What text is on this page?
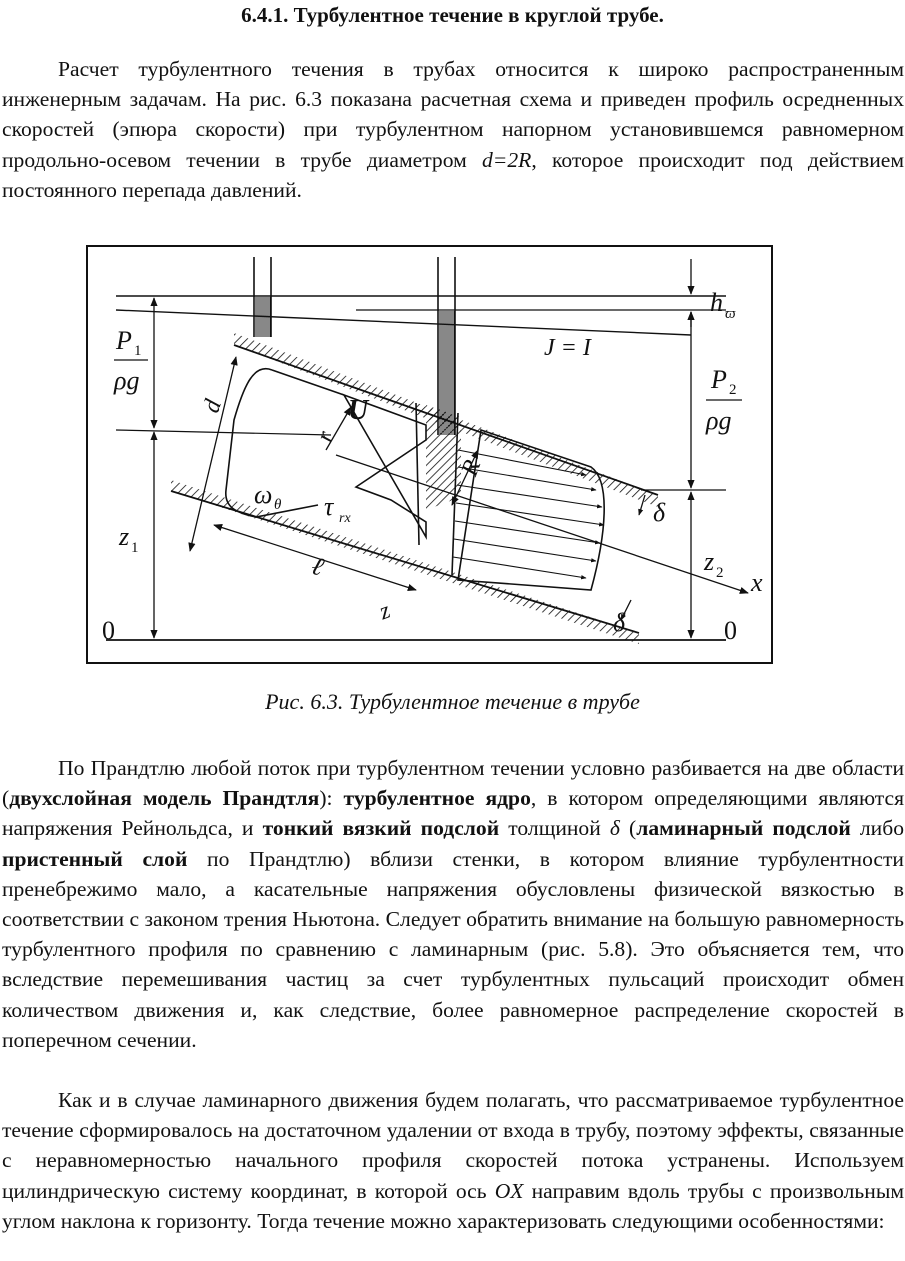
6.4.1. Турбулентное течение в круглой трубе.

Расчет турбулентного течения в трубах относится к широко распространенным инженерным задачам. На рис. 6.3 показана расчетная схема и приведен профиль осредненных скоростей (эпюра скорости) при турбулентном напорном установившемся равномерном продольно-осевом течении в трубе диаметром d=2R, которое происходит под действием постоянного перепада давлений.

P 1
ρg	P 2
ρg
h ϖ
J = I
d
r
U
R
ω θ τ rx	δ
δ
z 1	z 2 x
0	0
ℓ
z

Рис. 6.3. Турбулентное течение в трубе

По Прандтлю любой поток при турбулентном течении условно разбивается на две области (двухслойная модель Прандтля): турбулентное ядро, в котором определяющими являются напряжения Рейнольдса, и тонкий вязкий подслой толщиной δ (ламинарный подслой либо пристенный слой по Прандтлю) вблизи стенки, в котором влияние турбулентности пренебрежимо мало, а касательные напряжения обусловлены физической вязкостью в соответствии с законом трения Ньютона. Следует обратить внимание на большую равномерность турбулентного профиля по сравнению с ламинарным (рис. 5.8). Это объясняется тем, что вследствие перемешивания частиц за счет турбулентных пульсаций происходит обмен количеством движения и, как следствие, более равномерное распределение скоростей в поперечном сечении.

Как и в случае ламинарного движения будем полагать, что рассматриваемое турбулентное течение сформировалось на достаточном удалении от входа в трубу, поэтому эффекты, связанные с неравномерностью начального профиля скоростей потока устранены. Используем цилиндрическую систему координат, в которой ось OX направим вдоль трубы с произвольным углом наклона к горизонту. Тогда течение можно характеризовать следующими особенностями:
